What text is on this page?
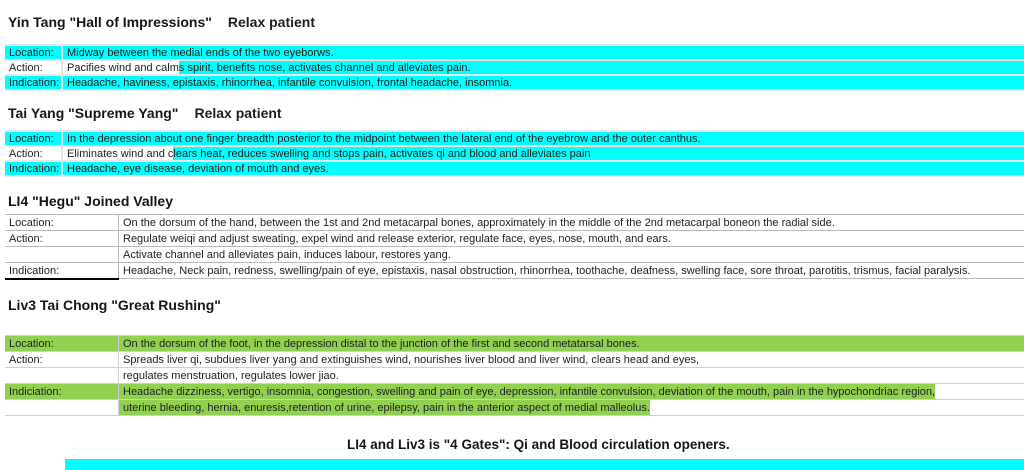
Yin Tang "Hall of Impressions" Relax patient
Location:	Midway between the medial ends of the two eyeborws.
Action:	Pacifies wind and calm s spirit, benefits nose, activates channel and alleviates pain.
Indication: Headache, haviness, epistaxis, rhinorrhea, infantile convulsion, frontal headache, insomnia.
Tai Yang "Supreme Yang" Relax patient
Location:	In the depression about one finger breadth posterior to the midpoint between the lateral end of the eyebrow and the outer canthus.
Action:	Eliminates wind and c lears heat, reduces swelling and stops pain, activates qi and blood and alleviates pain
Indication: Headache, eye disease, deviation of mouth and eyes.
LI4 "Hegu" Joined Valley
Location:	On the dorsum of the hand, between the 1st and 2nd metacarpal bones, approximately in the middle of the 2nd metacarpal boneon the radial side.
Action:	Regulate weiqi and adjust sweating, expel wind and release exterior, regulate face, eyes, nose, mouth, and ears.
Activate channel and alleviates pain, induces labour, restores yang.
Indication:	Headache, Neck pain, redness, swelling/pain of eye, epistaxis, nasal obstruction, rhinorrhea, toothache, deafness, swelling face, sore throat, parotitis, trismus, facial paralysis.
Liv3 Tai Chong "Great Rushing"
Location:	On the dorsum of the foot, in the depression distal to the junction of the first and second metatarsal bones.
Action:	Spreads liver qi, subdues liver yang and extinguishes wind, nourishes liver blood and liver wind, clears head and eyes,
regulates menstruation, regulates lower jiao.
Indiciation:	Headache dizziness, vertigo, insomnia, congestion, swelling and pain of eye, depression, infantile convulsion, deviation of the mouth, pain in the hypochondriac region,
uterine bleeding, hernia, enuresis,retention of urine, epilepsy, pain in the anterior aspect of medial malleolus.
LI4 and Liv3 is "4 Gates": Qi and Blood circulation openers.
